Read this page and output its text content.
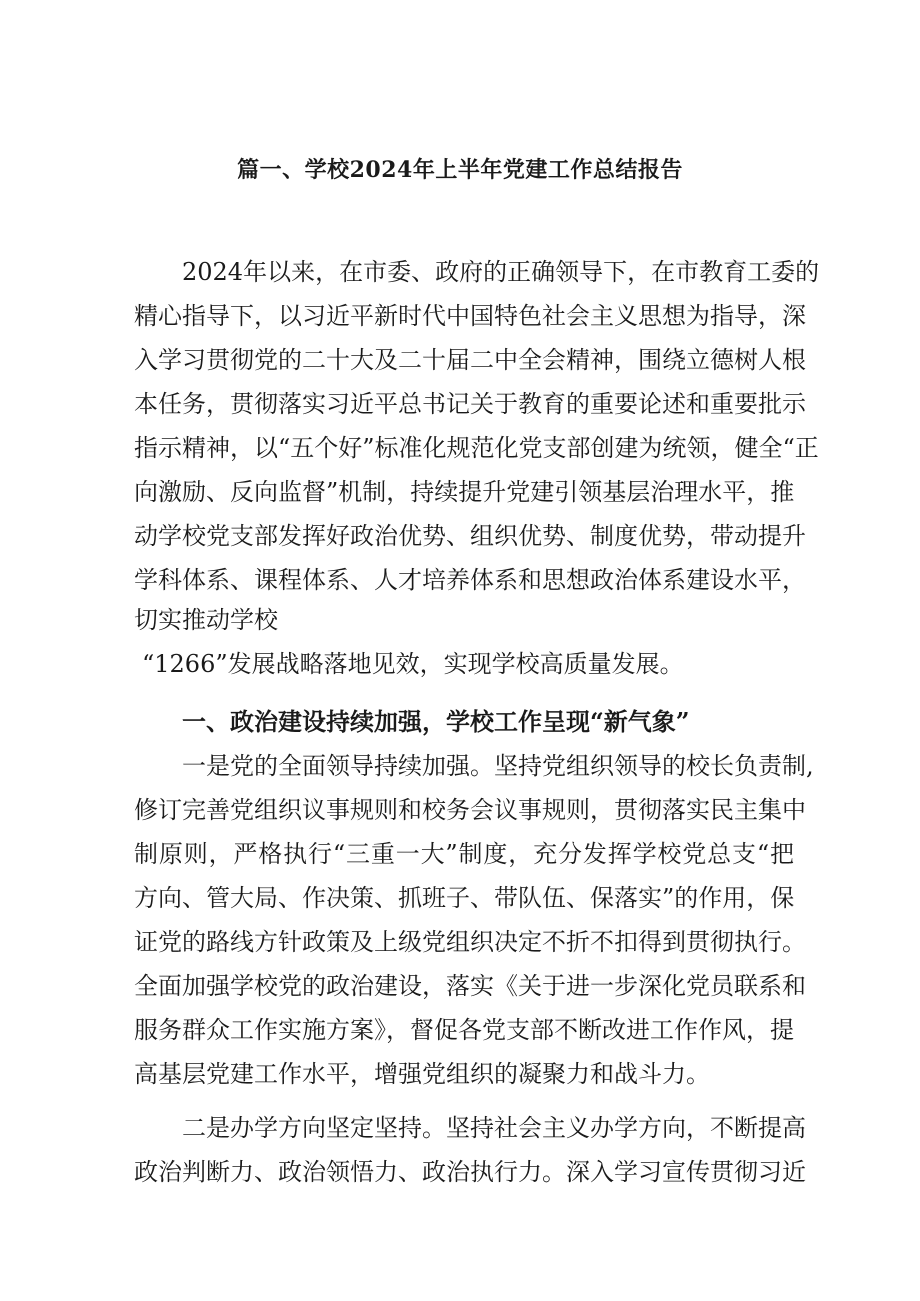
篇一、学校2024年上半年党建工作总结报告
2024年以来，在市委、政府的正确领导下，在市教育工委的
精心指导下，以习近平新时代中国特色社会主义思想为指导，深
入学习贯彻党的二十大及二十届二中全会精神，围绕立德树人根
本任务，贯彻落实习近平总书记关于教育的重要论述和重要批示
指示精神，以“五个好”标准化规范化党支部创建为统领，健全“正
向激励、反向监督”机制，持续提升党建引领基层治理水平，推
动学校党支部发挥好政治优势、组织优势、制度优势，带动提升
学科体系、课程体系、人才培养体系和思想政治体系建设水平，
切实推动学校
“1266”发展战略落地见效，实现学校高质量发展。
一、政治建设持续加强，学校工作呈现“新气象”
一是党的全面领导持续加强。坚持党组织领导的校长负责制,
修订完善党组织议事规则和校务会议事规则，贯彻落实民主集中
制原则，严格执行“三重一大”制度，充分发挥学校党总支“把
方向、管大局、作决策、抓班子、带队伍、保落实”的作用，保
证党的路线方针政策及上级党组织决定不折不扣得到贯彻执行。
全面加强学校党的政治建设，落实《关于进一步深化党员联系和
服务群众工作实施方案》，督促各党支部不断改进工作作风，提
高基层党建工作水平，增强党组织的凝聚力和战斗力。
二是办学方向坚定坚持。坚持社会主义办学方向，不断提高
政治判断力、政治领悟力、政治执行力。深入学习宣传贯彻习近
